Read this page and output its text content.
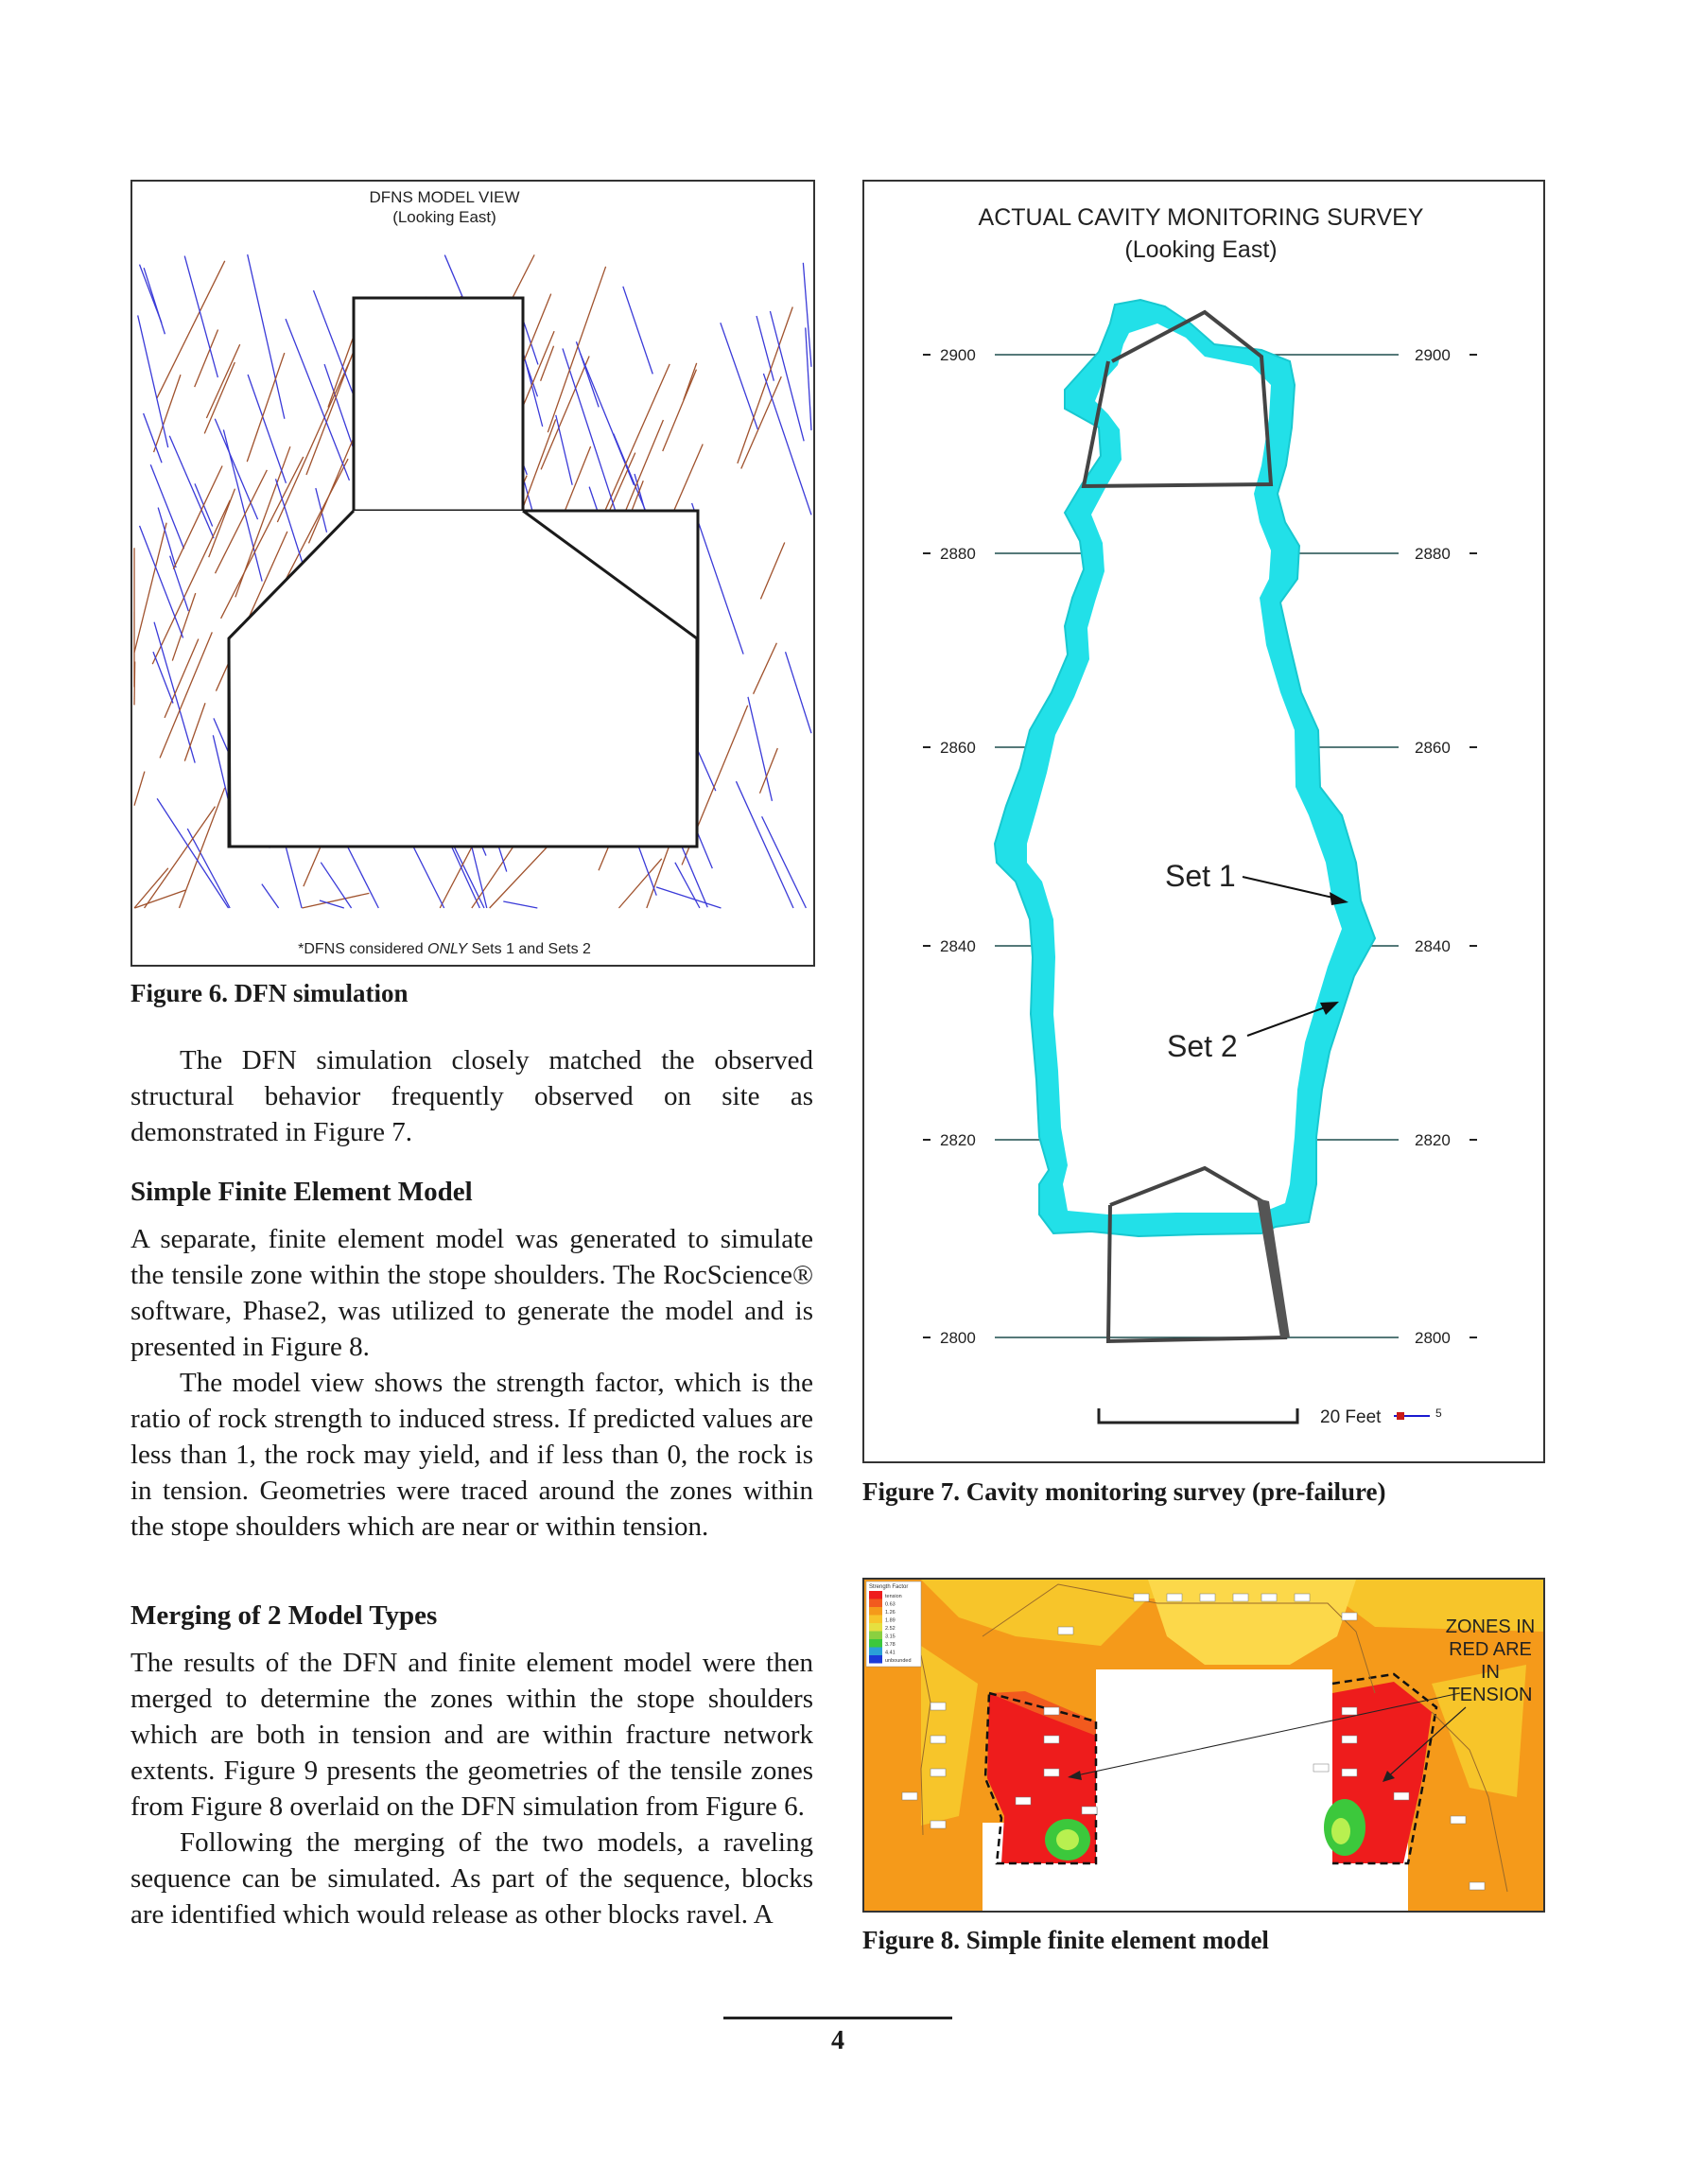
DFNS MODEL VIEW
(Looking East)
*DFNS considered ONLY Sets 1 and Sets 2
Figure 6. DFN simulation
ACTUAL CAVITY MONITORING SURVEY
(Looking East)
2900	2900
2880	2880
2860	2860
2840	2840
2820	2820
2800	2800
Set 1
Set 2
20 Feet	5
Figure 7. Cavity monitoring survey (pre-failure)
Strength Factor
tension
0.63
1.26
1.89
2.52
3.15
3.78
4.41
unbounded
ZONES IN
RED ARE
IN
TENSION
Figure 8. Simple finite element model

The DFN simulation closely matched the observed structural behavior frequently observed on site as demonstrated in Figure 7.

Simple Finite Element Model

A separate, finite element model was generated to simulate the tensile zone within the stope shoulders. The RocScience® software, Phase2, was utilized to generate the model and is presented in Figure 8.

The model view shows the strength factor, which is the ratio of rock strength to induced stress. If predicted values are less than 1, the rock may yield, and if less than 0, the rock is in tension. Geometries were traced around the zones within the stope shoulders which are near or within tension.

Merging of 2 Model Types

The results of the DFN and finite element model were then merged to determine the zones within the stope shoulders which are both in tension and are within fracture network extents. Figure 9 presents the geometries of the tensile zones from Figure 8 overlaid on the DFN simulation from Figure 6.

Following the merging of the two models, a raveling sequence can be simulated. As part of the sequence, blocks are identified which would release as other blocks ravel. A

4
